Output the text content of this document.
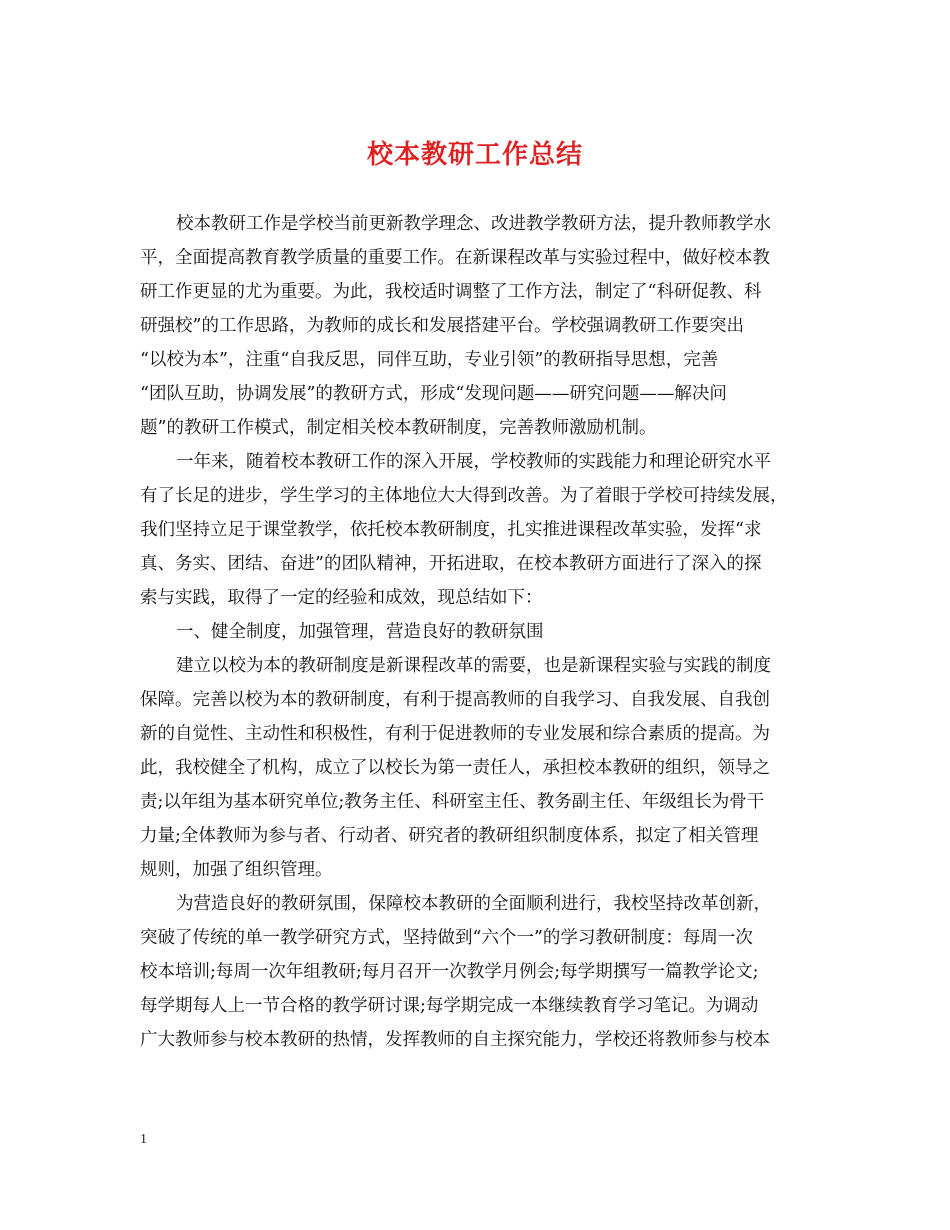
校本教研工作总结
校本教研工作是学校当前更新教学理念、改进教学教研方法，提升教师教学水
平，全面提高教育教学质量的重要工作。在新课程改革与实验过程中，做好校本教
研工作更显的尤为重要。为此，我校适时调整了工作方法，制定了“科研促教、科
研强校”的工作思路，为教师的成长和发展搭建平台。学校强调教研工作要突出
“以校为本”，注重“自我反思，同伴互助，专业引领”的教研指导思想，完善
“团队互助，协调发展”的教研方式，形成“发现问题——研究问题——解决问
题”的教研工作模式，制定相关校本教研制度，完善教师激励机制。
一年来，随着校本教研工作的深入开展，学校教师的实践能力和理论研究水平
有了长足的进步，学生学习的主体地位大大得到改善。为了着眼于学校可持续发展，
我们坚持立足于课堂教学，依托校本教研制度，扎实推进课程改革实验，发挥“求
真、务实、团结、奋进”的团队精神，开拓进取，在校本教研方面进行了深入的探
索与实践，取得了一定的经验和成效，现总结如下：
一、健全制度，加强管理，营造良好的教研氛围
建立以校为本的教研制度是新课程改革的需要，也是新课程实验与实践的制度
保障。完善以校为本的教研制度，有利于提高教师的自我学习、自我发展、自我创
新的自觉性、主动性和积极性，有利于促进教师的专业发展和综合素质的提高。为
此，我校健全了机构，成立了以校长为第一责任人，承担校本教研的组织，领导之
责;以年组为基本研究单位;教务主任、科研室主任、教务副主任、年级组长为骨干
力量;全体教师为参与者、行动者、研究者的教研组织制度体系，拟定了相关管理
规则，加强了组织管理。
为营造良好的教研氛围，保障校本教研的全面顺利进行，我校坚持改革创新，
突破了传统的单一教学研究方式，坚持做到“六个一”的学习教研制度：每周一次
校本培训;每周一次年组教研;每月召开一次教学月例会;每学期撰写一篇教学论文;
每学期每人上一节合格的教学研讨课;每学期完成一本继续教育学习笔记。为调动
广大教师参与校本教研的热情，发挥教师的自主探究能力，学校还将教师参与校本
1
